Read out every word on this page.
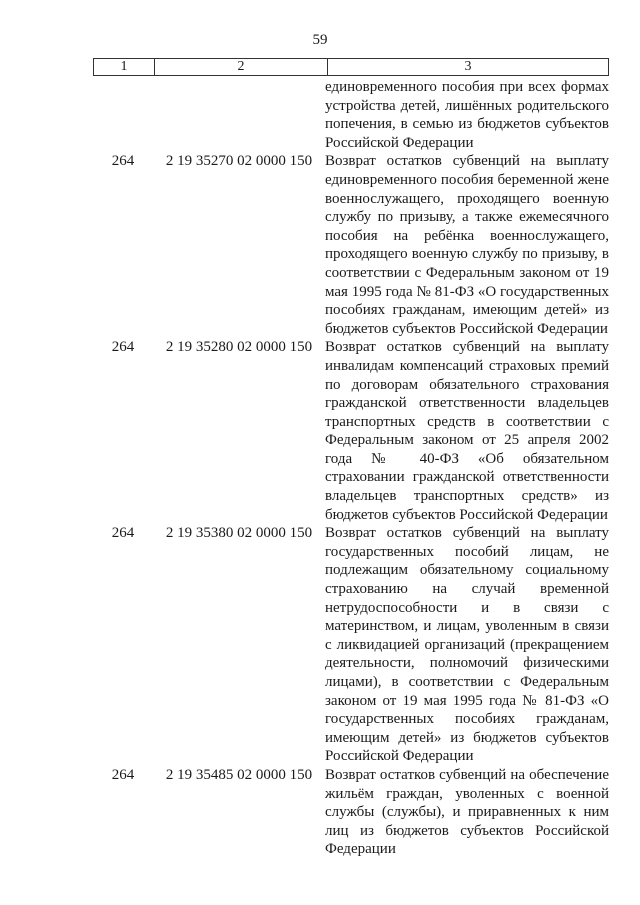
59
1	2	3
единовременного пособия при всех формах устройства детей, лишённых родительского попечения, в семью из бюджетов субъектов Российской Федерации
264	2 19 35270 02 0000 150 Возврат остатков субвенций на выплату единовременного пособия беременной жене военнослужащего, проходящего военную службу по призыву, а также ежемесячного пособия на ребёнка военнослужащего, проходящего военную службу по призыву, в соответствии с Федеральным законом от 19 мая 1995 года № 81-ФЗ «О государственных пособиях гражданам, имеющим детей» из бюджетов субъектов Российской Федерации
264	2 19 35280 02 0000 150 Возврат остатков субвенций на выплату инвалидам компенсаций страховых премий по договорам обязательного страхования гражданской ответственности владельцев транспортных средств в соответствии с Федеральным законом от 25 апреля 2002 года № 40-ФЗ «Об обязательном страховании гражданской ответственности владельцев транспортных средств» из бюджетов субъектов Российской Федерации
264	2 19 35380 02 0000 150 Возврат остатков субвенций на выплату государственных пособий лицам, не подлежащим обязательному социальному страхованию на случай временной нетрудоспособности и в связи с материнством, и лицам, уволенным в связи с ликвидацией организаций (прекращением деятельности, полномочий физическими лицами), в соответствии с Федеральным законом от 19 мая 1995 года № 81-ФЗ «О государственных пособиях гражданам, имеющим детей» из бюджетов субъектов Российской Федерации
264	2 19 35485 02 0000 150 Возврат остатков субвенций на обеспечение жильём граждан, уволенных с военной службы (службы), и приравненных к ним лиц из бюджетов субъектов Российской Федерации
